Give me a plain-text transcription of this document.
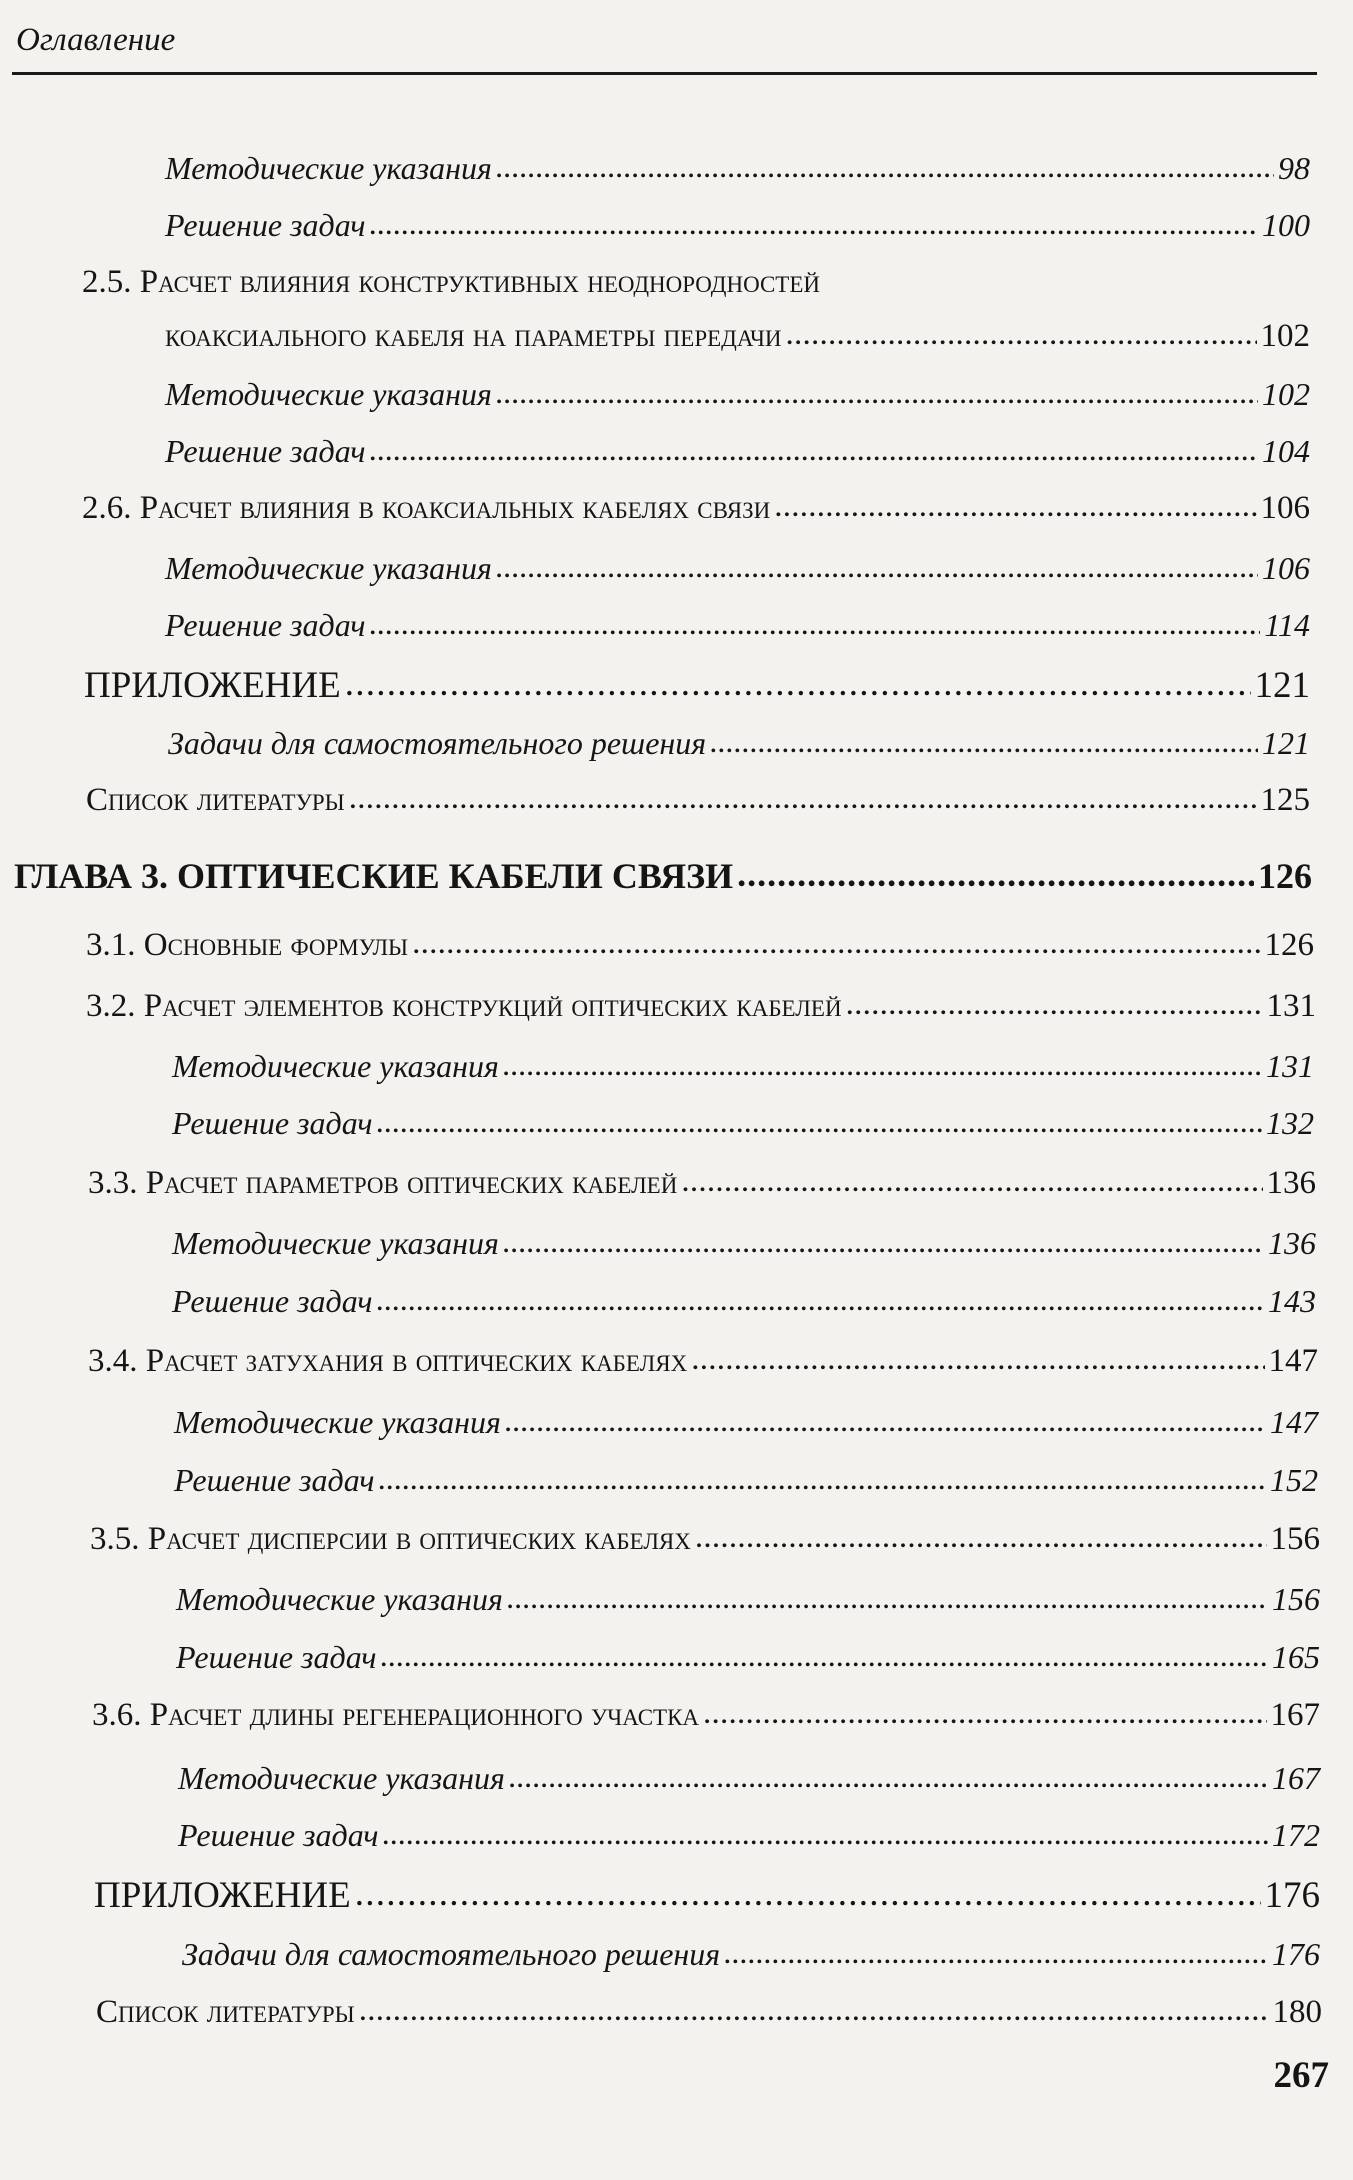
Оглавление
Методические указания . . .	98
Решение задач . . .	100
2.5. Расчет влияния конструктивных неоднородностей
коаксиального кабеля на параметры передачи . . .	102
Методические указания . . .	102
Решение задач . . .	104
2.6. Расчет влияния в коаксиальных кабелях связи . . .	106
Методические указания . . .	106
Решение задач . . .	114
ПРИЛОЖЕНИЕ . . .	121
Задачи для самостоятельного решения . . .	121
Список литературы . . .	125
ГЛАВА 3. ОПТИЧЕСКИЕ КАБЕЛИ СВЯЗИ . . .	126
3.1. Основные формулы . . .	126
3.2. Расчет элементов конструкций оптических кабелей . . .	131
Методические указания . . .	131
Решение задач . . .	132
3.3. Расчет параметров оптических кабелей . . .	136
Методические указания . . .	136
Решение задач . . .	143
3.4. Расчет затухания в оптических кабелях . . .	147
Методические указания . . .	147
Решение задач . . .	152
3.5. Расчет дисперсии в оптических кабелях . . .	156
Методические указания . . .	156
Решение задач . . .	165
3.6. Расчет длины регенерационного участка . . .	167
Методические указания . . .	167
Решение задач . . .	172
ПРИЛОЖЕНИЕ . . .	176
Задачи для самостоятельного решения . . .	176
Список литературы . . .	180
267
